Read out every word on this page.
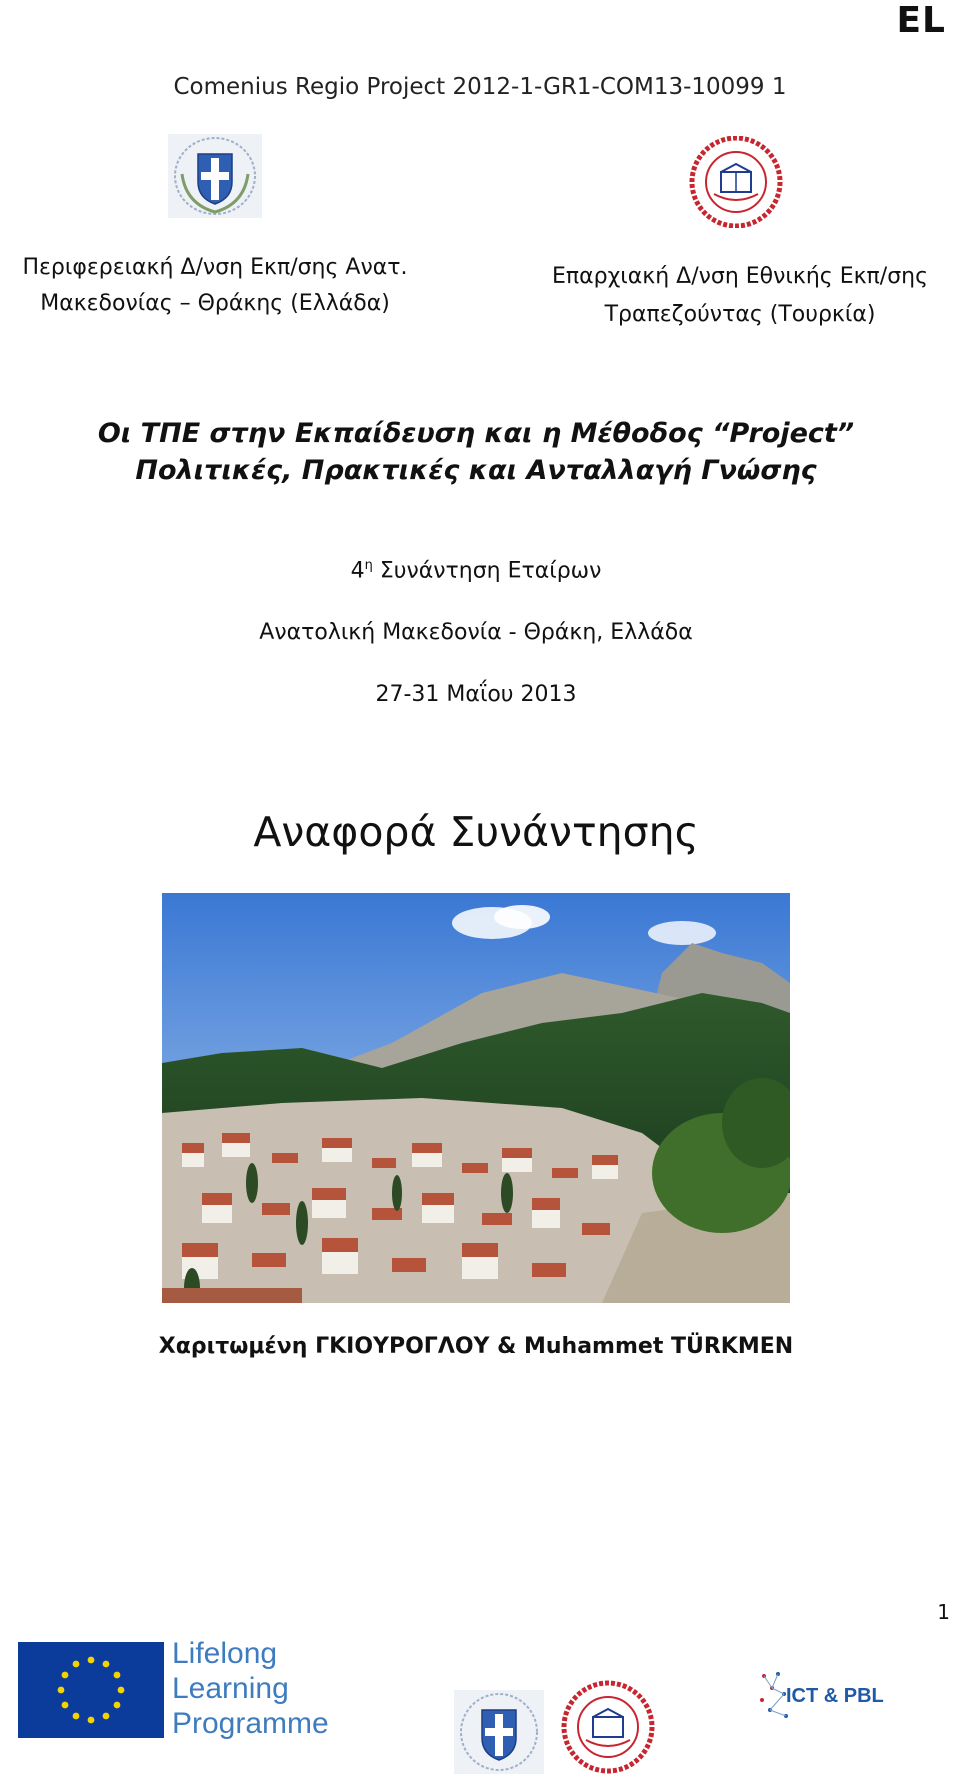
EL
Comenius Regio Project 2012-1-GR1-COM13-10099 1
Περιφερειακή Δ/νση Εκπ/σης Ανατ.
Μακεδονίας – Θράκης (Ελλάδα)
Επαρχιακή Δ/νση Εθνικής Εκπ/σης
Τραπεζούντας (Τουρκία)
Οι ΤΠΕ στην Εκπαίδευση και η Μέθοδος “Project”
Πολιτικές, Πρακτικές και Ανταλλαγή Γνώσης
$4^\eta$ Συνάντηση Εταίρων
Ανατολική Μακεδονία - Θράκη, Ελλάδα
27-31 Μαΐου 2013
Αναφορά Συνάντησης
Χαριτωμένη ΓΚΙΟΥΡΟΓΛΟΥ & Muhammet TÜRKMEN
1
Lifelong
Learning
Programme
ICT & PBL
